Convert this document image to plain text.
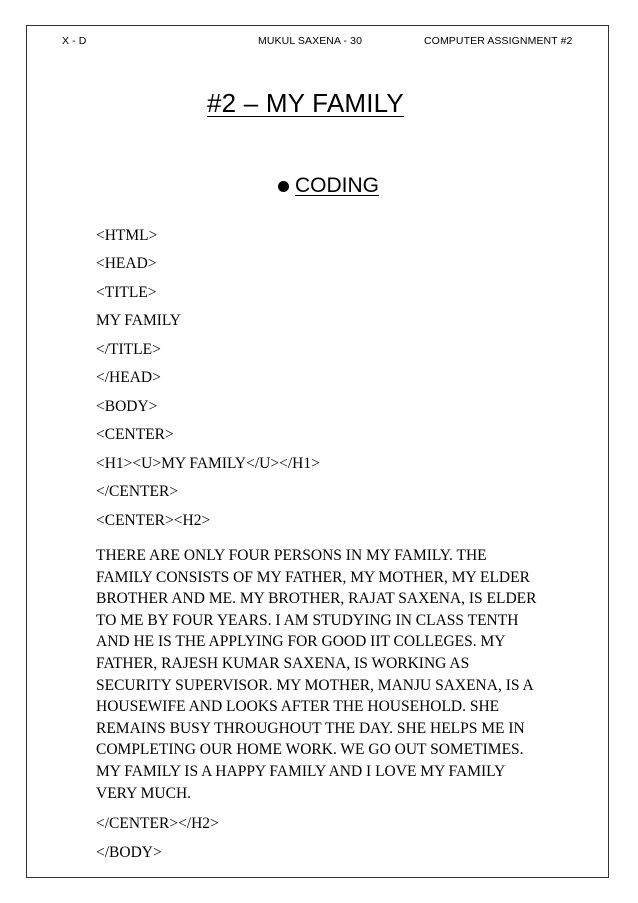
X - D	MUKUL SAXENA - 30	COMPUTER ASSIGNMENT #2
#2 – MY FAMILY
CODING
<HTML>
<HEAD>
<TITLE>
MY FAMILY
</TITLE>
</HEAD>
<BODY>
<CENTER>
<H1><U>MY FAMILY</U></H1>
</CENTER>
<CENTER><H2>
THERE ARE ONLY FOUR PERSONS IN MY FAMILY. THE
FAMILY CONSISTS OF MY FATHER, MY MOTHER, MY ELDER
BROTHER AND ME. MY BROTHER, RAJAT SAXENA, IS ELDER
TO ME BY FOUR YEARS. I AM STUDYING IN CLASS TENTH
AND HE IS THE APPLYING FOR GOOD IIT COLLEGES. MY
FATHER, RAJESH KUMAR SAXENA, IS WORKING AS
SECURITY SUPERVISOR. MY MOTHER, MANJU SAXENA, IS A
HOUSEWIFE AND LOOKS AFTER THE HOUSEHOLD. SHE
REMAINS BUSY THROUGHOUT THE DAY. SHE HELPS ME IN
COMPLETING OUR HOME WORK. WE GO OUT SOMETIMES.
MY FAMILY IS A HAPPY FAMILY AND I LOVE MY FAMILY
VERY MUCH.
</CENTER></H2>
</BODY>
